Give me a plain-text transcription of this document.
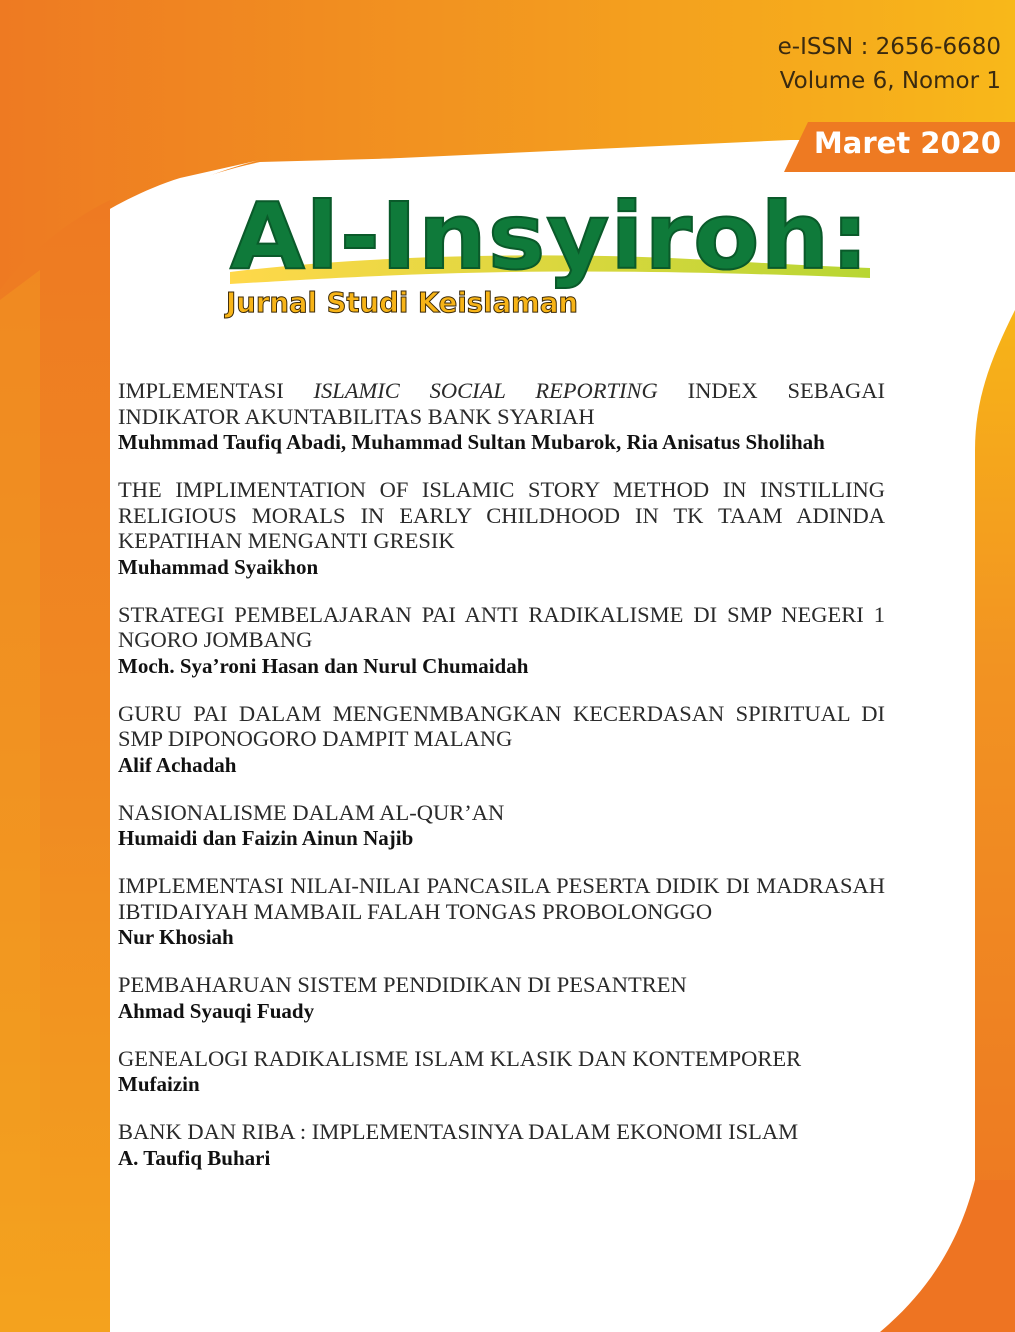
e-ISSN : 2656-6680
Volume 6, Nomor 1
Maret 2020
Al-Insyiroh:
Jurnal Studi Keislaman
IMPLEMENTASI ISLAMIC SOCIAL REPORTING INDEX SEBAGAI INDIKATOR AKUNTABILITAS BANK SYARIAH
Muhmmad Taufiq Abadi, Muhammad Sultan Mubarok, Ria Anisatus Sholihah
THE IMPLIMENTATION OF ISLAMIC STORY METHOD IN INSTILLING RELIGIOUS MORALS IN EARLY CHILDHOOD IN TK TAAM ADINDA KEPATIHAN MENGANTI GRESIK
Muhammad Syaikhon
STRATEGI PEMBELAJARAN PAI ANTI RADIKALISME DI SMP NEGERI 1 NGORO JOMBANG
Moch. Sya’roni Hasan dan Nurul Chumaidah
GURU PAI DALAM MENGENMBANGKAN KECERDASAN SPIRITUAL DI SMP DIPONOGORO DAMPIT MALANG
Alif Achadah
NASIONALISME DALAM AL-QUR’AN
Humaidi dan Faizin Ainun Najib
IMPLEMENTASI NILAI-NILAI PANCASILA PESERTA DIDIK DI MADRASAH IBTIDAIYAH MAMBAIL FALAH TONGAS PROBOLONGGO
Nur Khosiah
PEMBAHARUAN SISTEM PENDIDIKAN DI PESANTREN
Ahmad Syauqi Fuady
GENEALOGI RADIKALISME ISLAM KLASIK DAN KONTEMPORER
Mufaizin
BANK DAN RIBA : IMPLEMENTASINYA DALAM EKONOMI ISLAM
A. Taufiq Buhari
